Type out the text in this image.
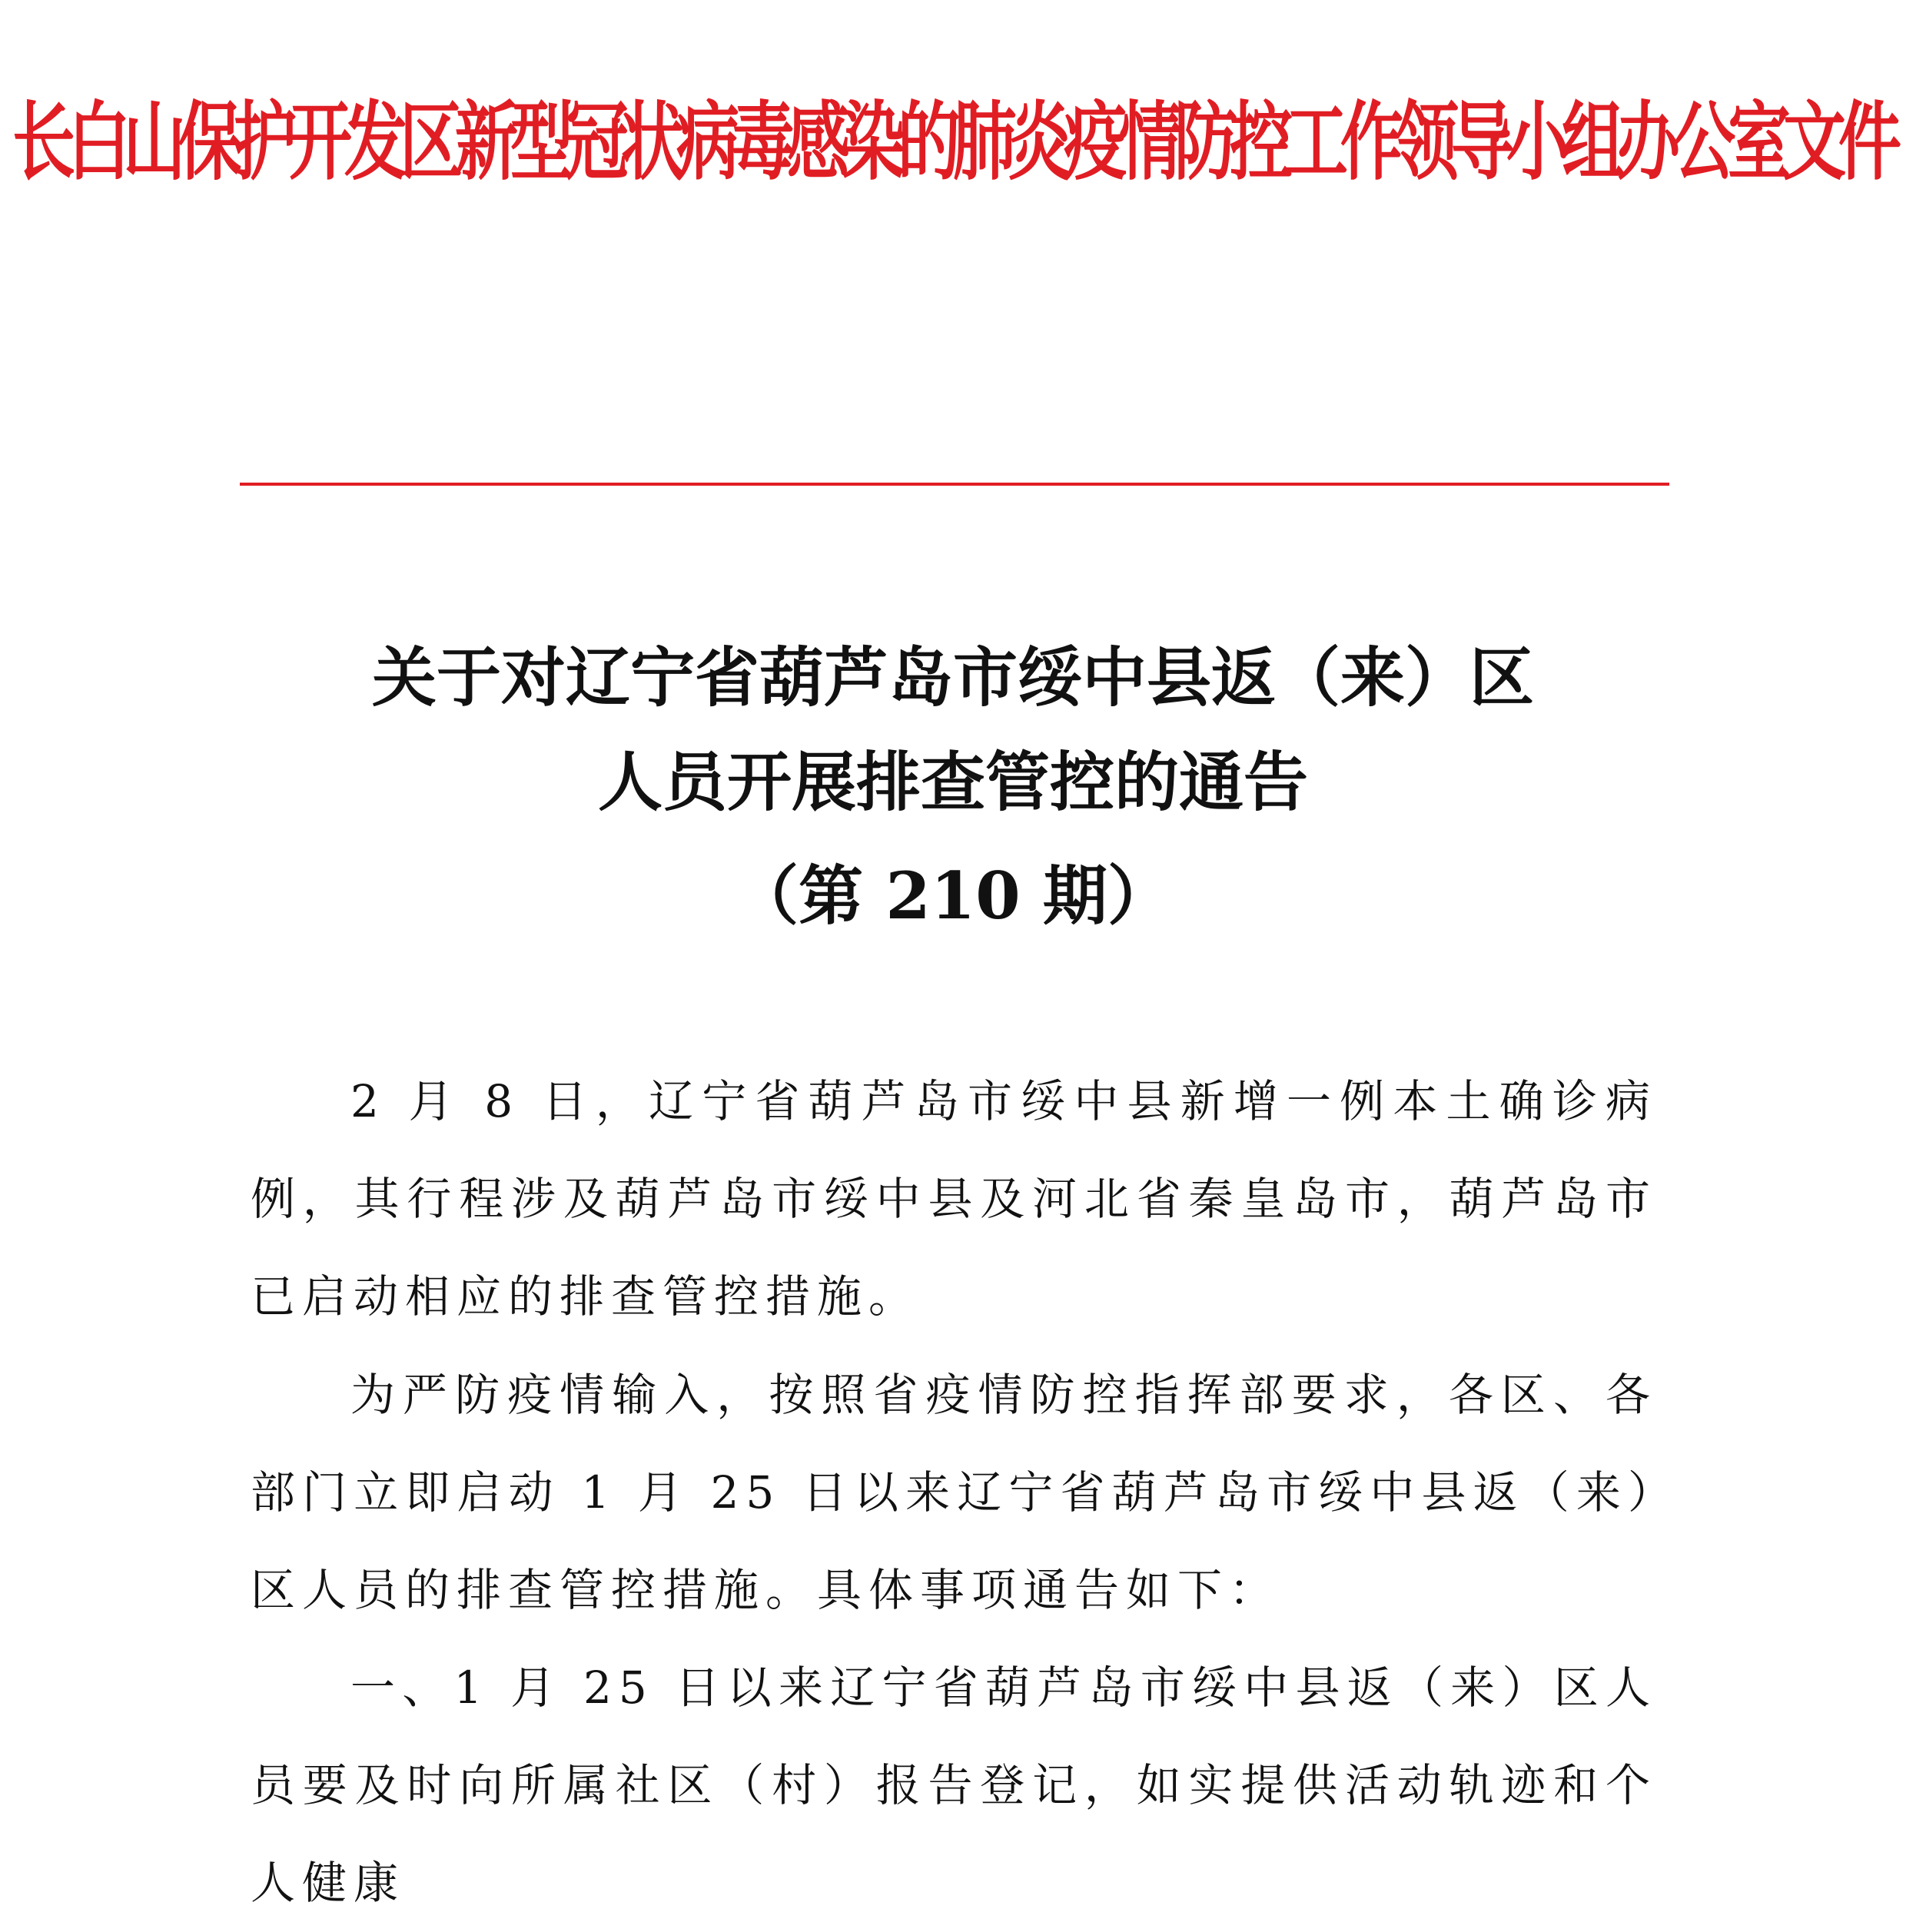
长白山保护开发区新型冠状病毒感染的肺炎疫情防控工作领导小组办公室文件
关于对辽宁省葫芦岛市绥中县返（来）区
人员开展排查管控的通告
（第 210 期）

2 月 8 日，辽宁省葫芦岛市绥中县新增一例本土确诊病例，其行程涉及葫芦岛市绥中县及河北省秦皇岛市，葫芦岛市已启动相应的排查管控措施。

为严防疫情输入，按照省疫情防控指挥部要求，各区、各部门立即启动 1 月 25 日以来辽宁省葫芦岛市绥中县返（来）区人员的排查管控措施。具体事项通告如下：

一、1 月 25 日以来辽宁省葫芦岛市绥中县返（来）区人员要及时向所属社区（村）报告登记，如实提供活动轨迹和个人健康
